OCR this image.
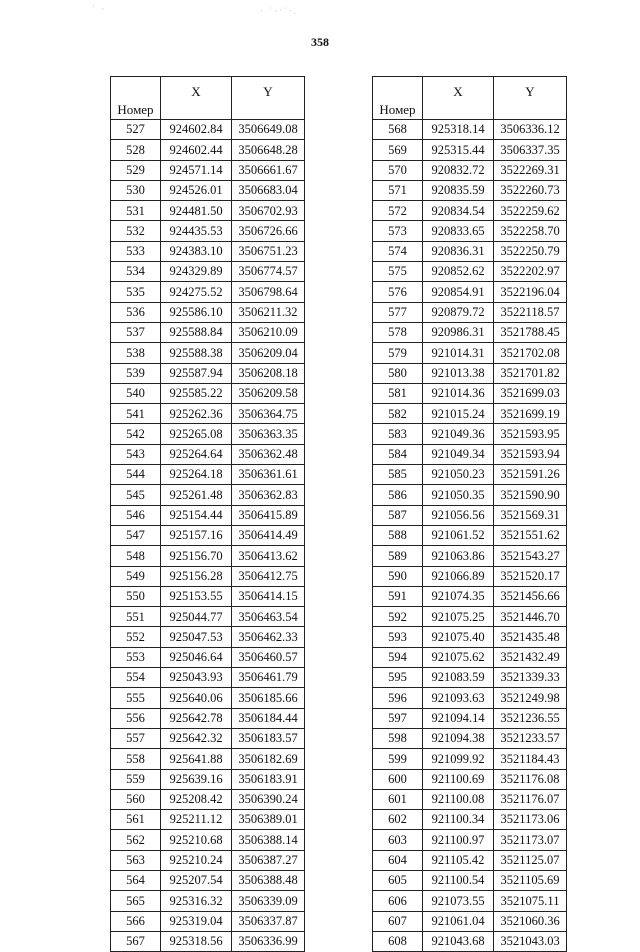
· ˙·ˑ˙·.
˙ ·
358
Номер	X	Y
527	924602.84	3506649.08
528	924602.44	3506648.28
529	924571.14	3506661.67
530	924526.01	3506683.04
531	924481.50	3506702.93
532	924435.53	3506726.66
533	924383.10	3506751.23
534	924329.89	3506774.57
535	924275.52	3506798.64
536	925586.10	3506211.32
537	925588.84	3506210.09
538	925588.38	3506209.04
539	925587.94	3506208.18
540	925585.22	3506209.58
541	925262.36	3506364.75
542	925265.08	3506363.35
543	925264.64	3506362.48
544	925264.18	3506361.61
545	925261.48	3506362.83
546	925154.44	3506415.89
547	925157.16	3506414.49
548	925156.70	3506413.62
549	925156.28	3506412.75
550	925153.55	3506414.15
551	925044.77	3506463.54
552	925047.53	3506462.33
553	925046.64	3506460.57
554	925043.93	3506461.79
555	925640.06	3506185.66
556	925642.78	3506184.44
557	925642.32	3506183.57
558	925641.88	3506182.69
559	925639.16	3506183.91
560	925208.42	3506390.24
561	925211.12	3506389.01
562	925210.68	3506388.14
563	925210.24	3506387.27
564	925207.54	3506388.48
565	925316.32	3506339.09
566	925319.04	3506337.87
567	925318.56	3506336.99
Номер	X	Y
568	925318.14	3506336.12
569	925315.44	3506337.35
570	920832.72	3522269.31
571	920835.59	3522260.73
572	920834.54	3522259.62
573	920833.65	3522258.70
574	920836.31	3522250.79
575	920852.62	3522202.97
576	920854.91	3522196.04
577	920879.72	3522118.57
578	920986.31	3521788.45
579	921014.31	3521702.08
580	921013.38	3521701.82
581	921014.36	3521699.03
582	921015.24	3521699.19
583	921049.36	3521593.95
584	921049.34	3521593.94
585	921050.23	3521591.26
586	921050.35	3521590.90
587	921056.56	3521569.31
588	921061.52	3521551.62
589	921063.86	3521543.27
590	921066.89	3521520.17
591	921074.35	3521456.66
592	921075.25	3521446.70
593	921075.40	3521435.48
594	921075.62	3521432.49
595	921083.59	3521339.33
596	921093.63	3521249.98
597	921094.14	3521236.55
598	921094.38	3521233.57
599	921099.92	3521184.43
600	921100.69	3521176.08
601	921100.08	3521176.07
602	921100.34	3521173.06
603	921100.97	3521173.07
604	921105.42	3521125.07
605	921100.54	3521105.69
606	921073.55	3521075.11
607	921061.04	3521060.36
608	921043.68	3521043.03
